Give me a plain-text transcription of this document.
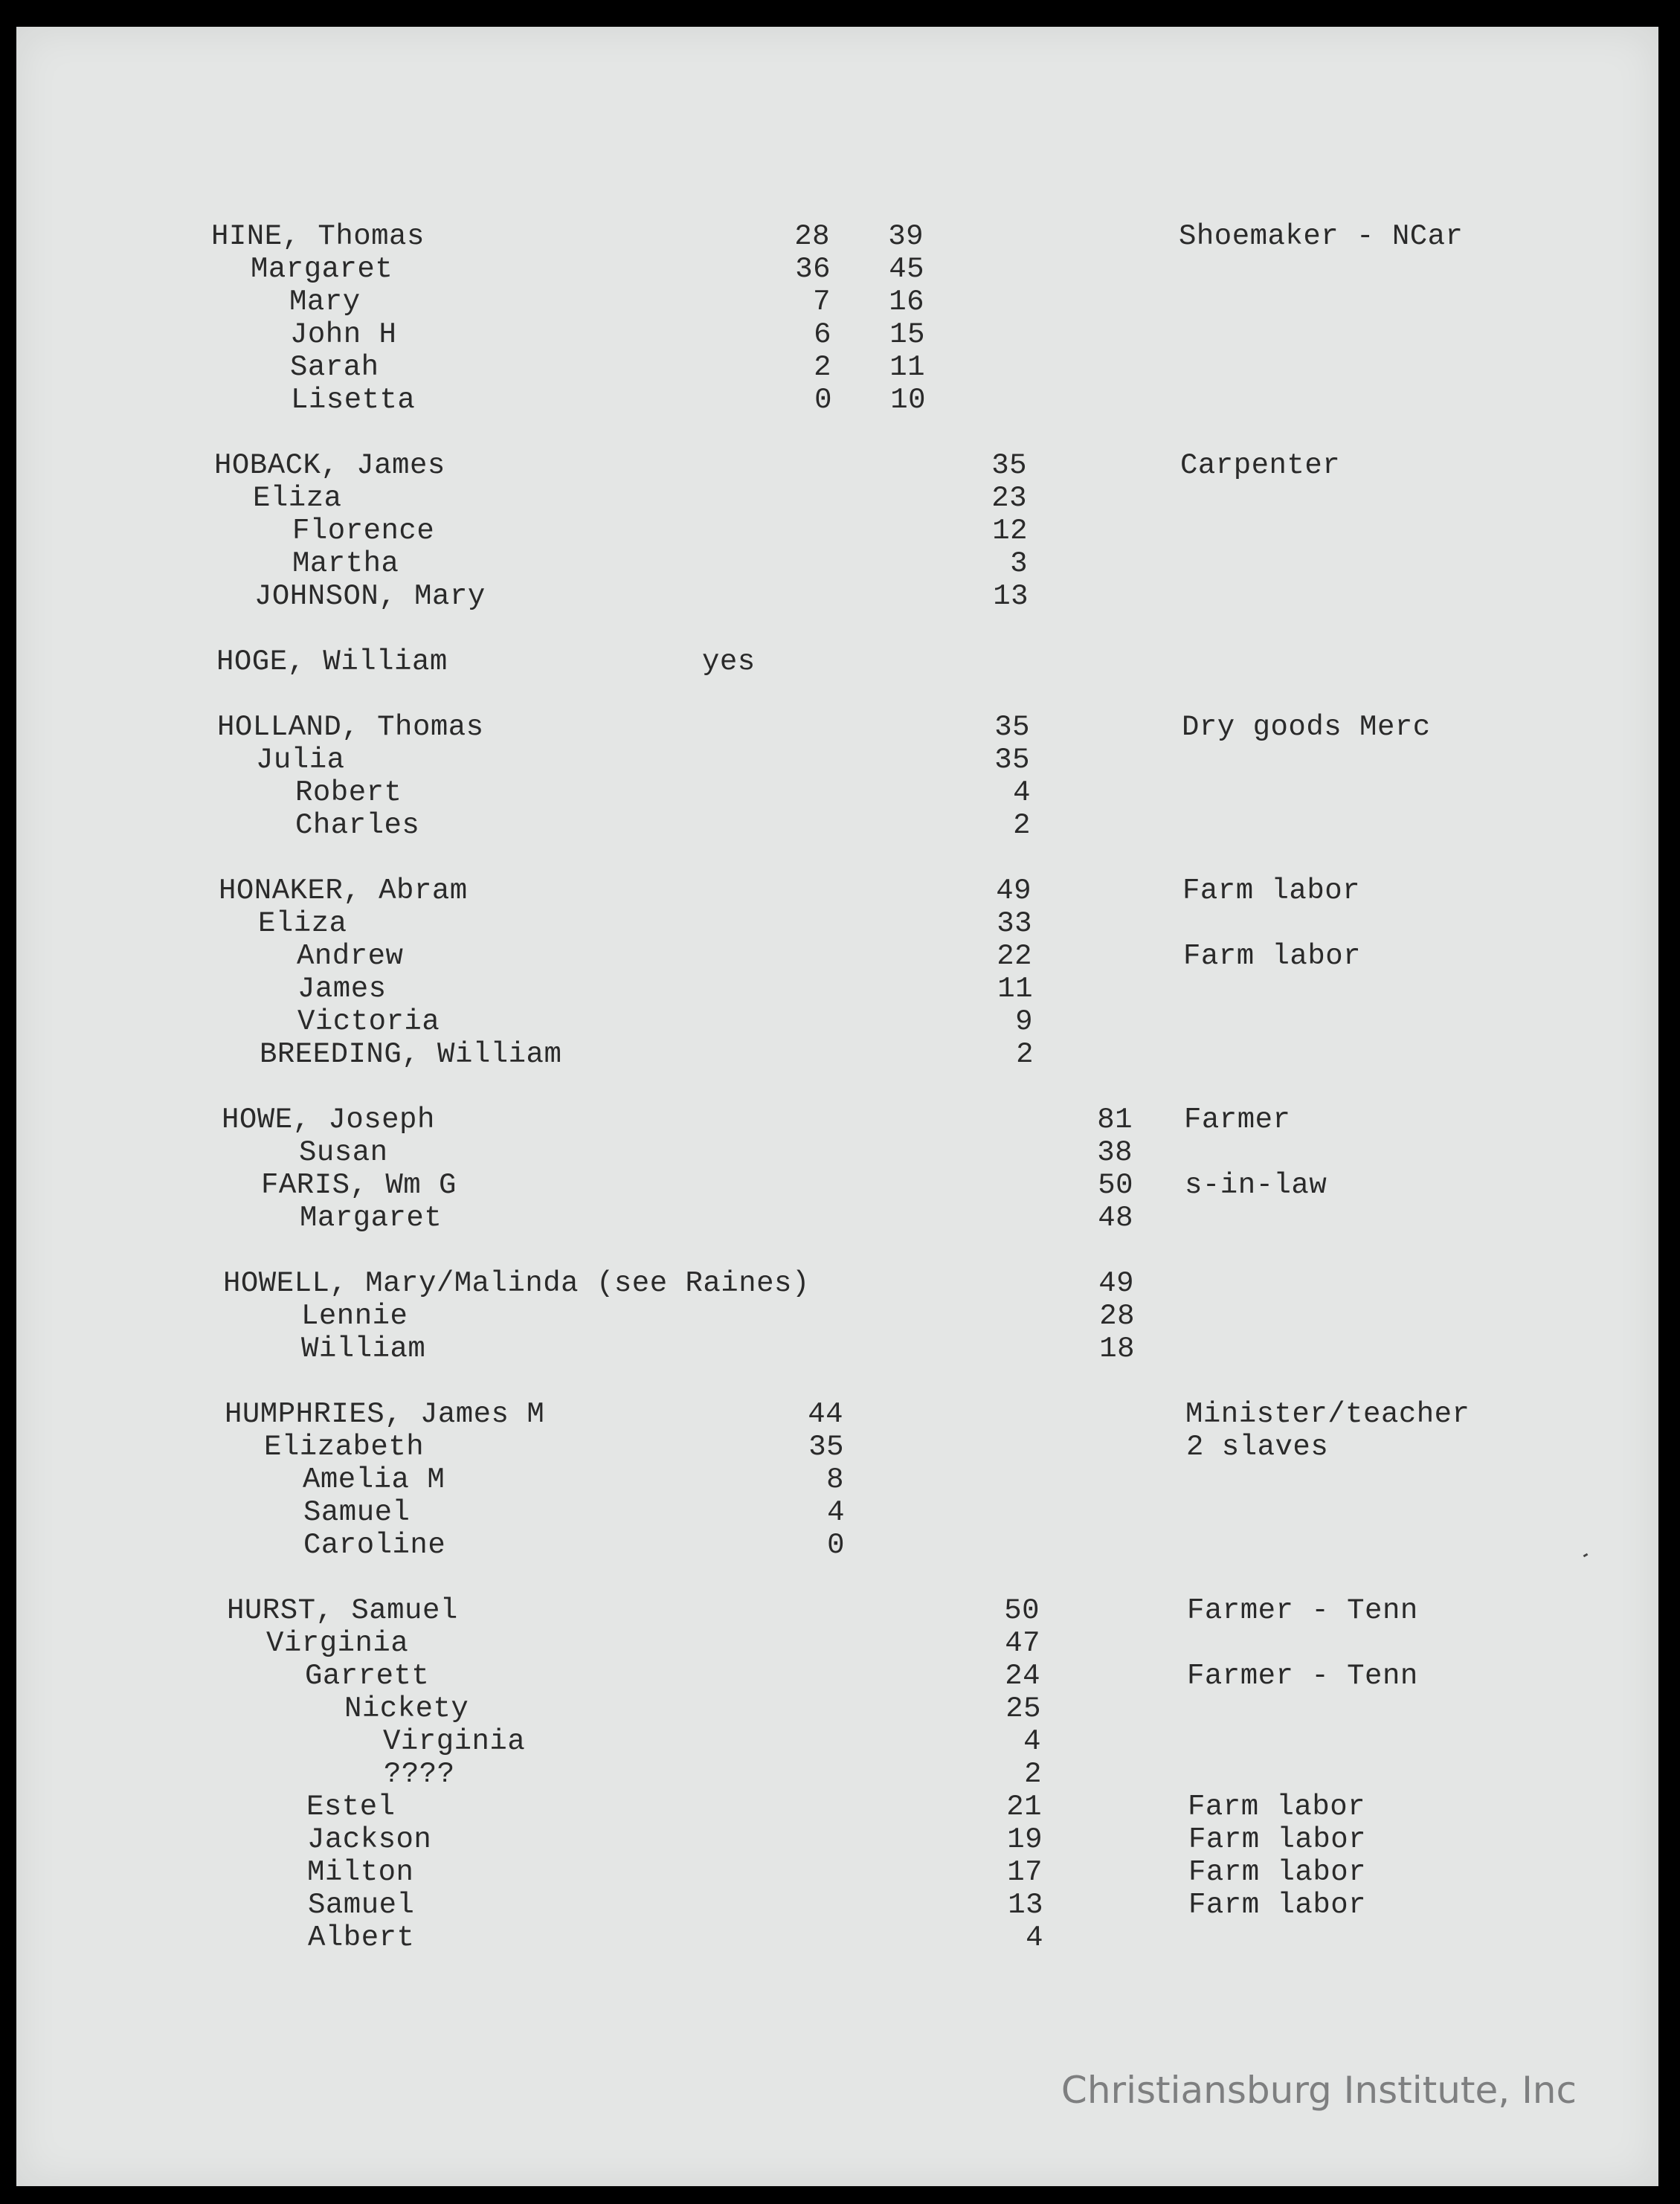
HINE, Thomas	28	39	Shoemaker - NCar
Margaret	36	45
Mary	7	16
John H	6	15
Sarah	2	11
Lisetta	0	10
HOBACK, James	35	Carpenter
Eliza	23
Florence	12
Martha	3
JOHNSON, Mary	13
HOGE, William	yes
HOLLAND, Thomas	35	Dry goods Merc
Julia	35
Robert	4
Charles	2
HONAKER, Abram	49	Farm labor
Eliza	33
Andrew	22	Farm labor
James	11
Victoria	9
BREEDING, William	2
HOWE, Joseph	81 Farmer
Susan	38
FARIS, Wm G	50 s-in-law
Margaret	48
HOWELL, Mary/Malinda (see Raines)	49
Lennie	28
William	18
HUMPHRIES, James M	44	Minister/teacher
Elizabeth	35	2 slaves
Amelia M	8
Samuel	4
Caroline	0
HURST, Samuel	50	Farmer - Tenn
Virginia	47
Garrett	24	Farmer - Tenn
Nickety	25
Virginia	4
????	2
Estel	21	Farm labor
Jackson	19	Farm labor
Milton	17	Farm labor
Samuel	13	Farm labor
Albert	4
Christiansburg Institute, Inc
